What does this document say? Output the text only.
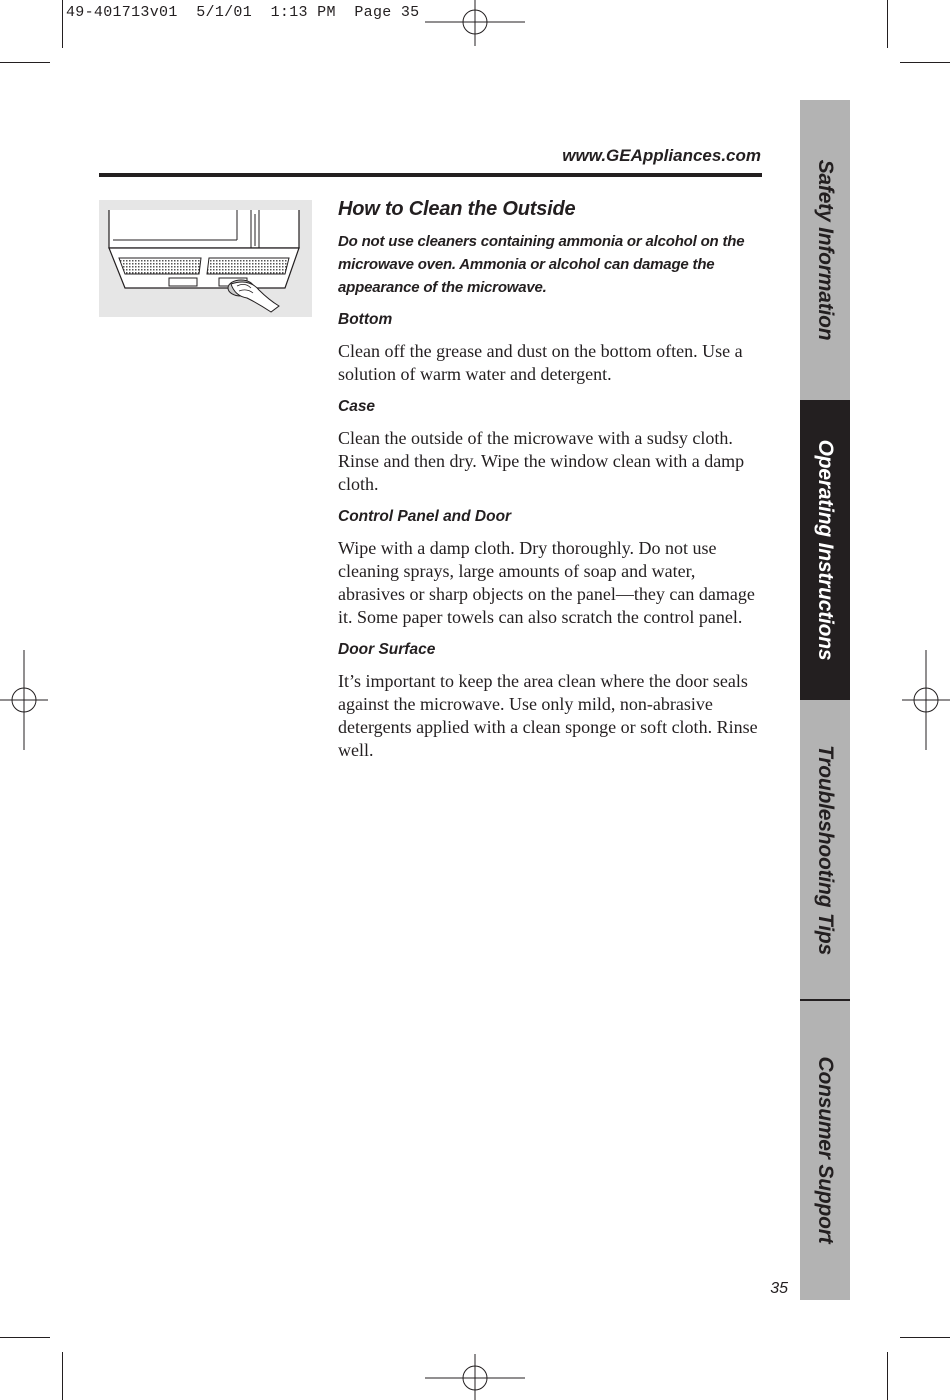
49-401713v01  5/1/01  1:13 PM  Page 35
www.GEAppliances.com
How to Clean the Outside

Do not use cleaners containing ammonia or alcohol on the microwave oven. Ammonia or alcohol can damage the appearance of the microwave.

Bottom

Clean off the grease and dust on the bottom often. Use a solution of warm water and detergent.

Case

Clean the outside of the microwave with a sudsy cloth. Rinse and then dry. Wipe the window clean with a damp cloth.

Control Panel and Door

Wipe with a damp cloth. Dry thoroughly. Do not use cleaning sprays, large amounts of soap and water, abrasives or sharp objects on the panel—they can damage it. Some paper towels can also scratch the control panel.

Door Surface

It’s important to keep the area clean where the door seals against the microwave. Use only mild, non-abrasive detergents applied with a clean sponge or soft cloth. Rinse well.

35
Safety Information
Operating Instructions
Troubleshooting Tips
Consumer Support
